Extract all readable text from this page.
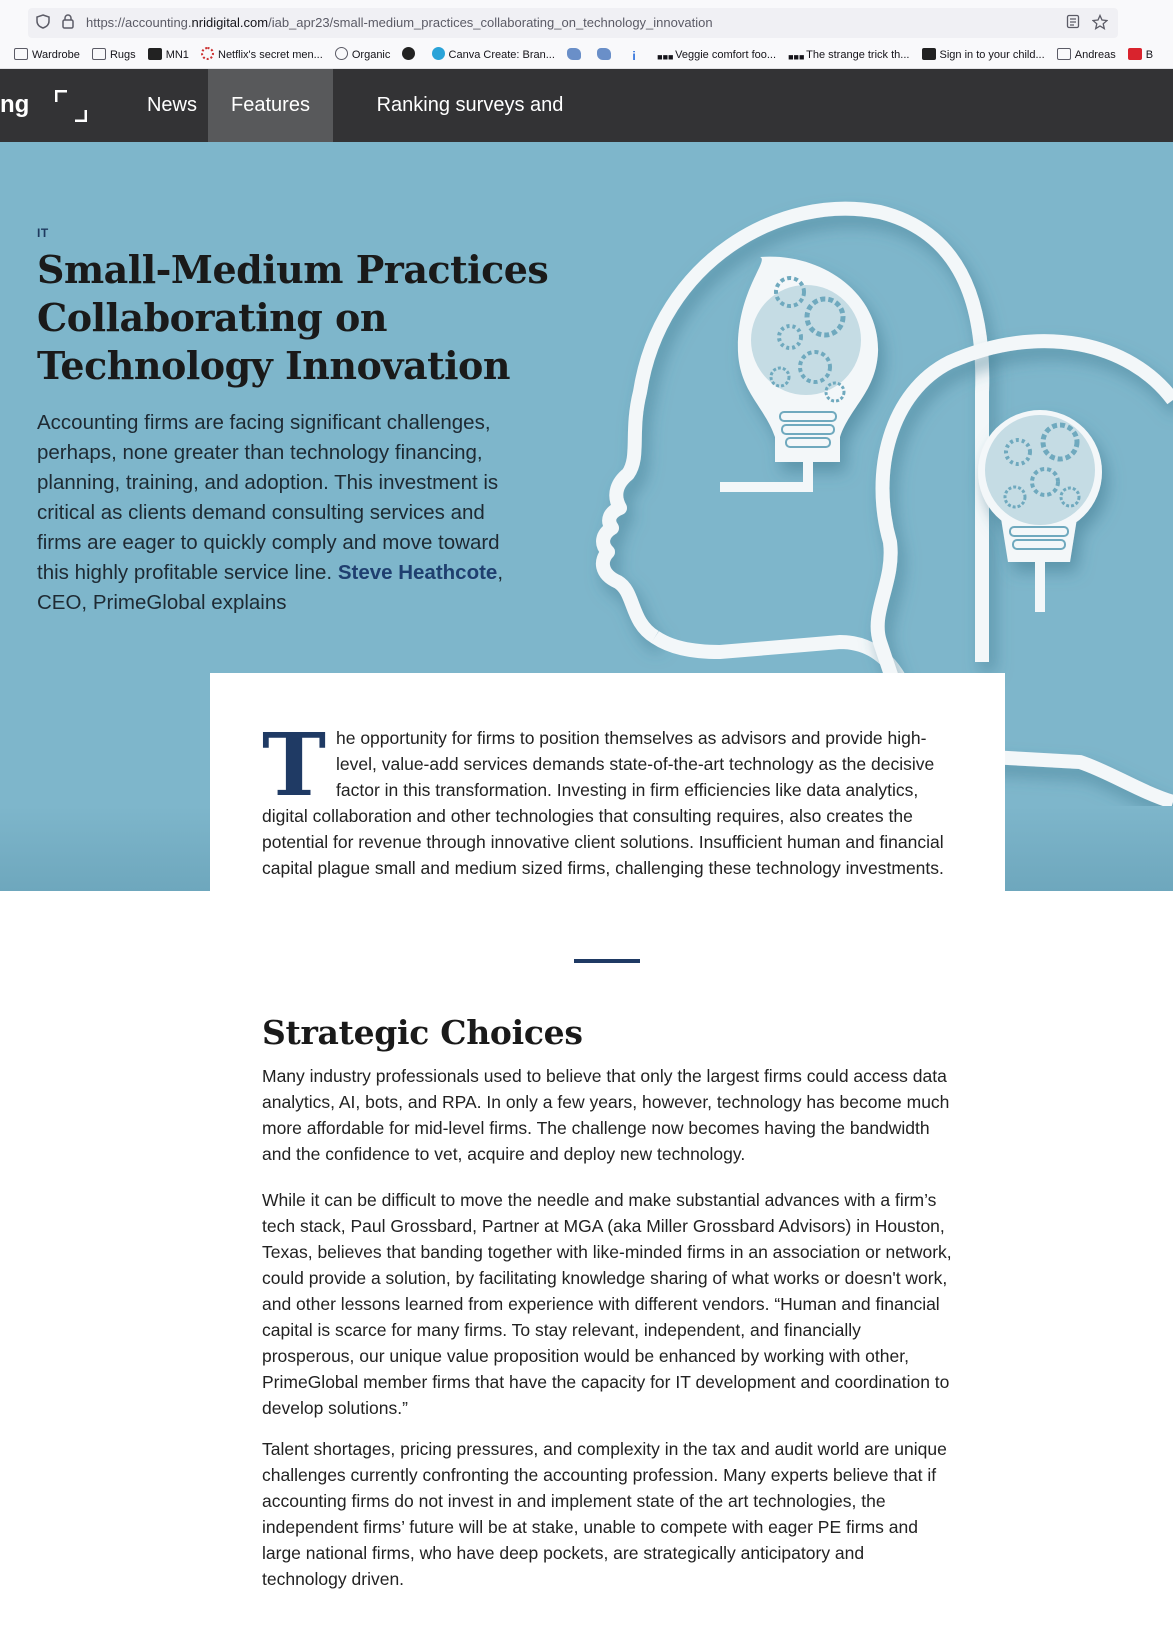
https://accounting.nridigital.com/iab_apr23/small-medium_practices_collaborating_on_technology_innovation
Wardrobe	Rugs	MN1	Netflix's secret men...	Organic	Canva Create: Bran...	i ■■■ Veggie comfort foo... ■■■ The strange trick th...	Sign in to your child...	Andreas	B
ng	News	Features	Ranking surveys and
IT
Small-Medium Practices Collaborating on Technology Innovation

Accounting firms are facing significant challenges, perhaps, none greater than technology financing, planning, training, and adoption. This investment is critical as clients demand consulting services and firms are eager to quickly comply and move toward this highly profitable service line. Steve Heathcote, CEO, PrimeGlobal explains

The opportunity for firms to position themselves as advisors and provide high-level, value-add services demands state-of-the-art technology as the decisive factor in this transformation. Investing in firm efficiencies like data analytics, digital collaboration and other technologies that consulting requires, also creates the potential for revenue through innovative client solutions. Insufficient human and financial capital plague small and medium sized firms, challenging these technology investments.

Strategic Choices

Many industry professionals used to believe that only the largest firms could access data analytics, AI, bots, and RPA. In only a few years, however, technology has become much more affordable for mid-level firms. The challenge now becomes having the bandwidth and the confidence to vet, acquire and deploy new technology.

While it can be difficult to move the needle and make substantial advances with a firm’s tech stack, Paul Grossbard, Partner at MGA (aka Miller Grossbard Advisors) in Houston, Texas, believes that banding together with like-minded firms in an association or network, could provide a solution, by facilitating knowledge sharing of what works or doesn't work, and other lessons learned from experience with different vendors. “Human and financial capital is scarce for many firms. To stay relevant, independent, and financially prosperous, our unique value proposition would be enhanced by working with other, PrimeGlobal member firms that have the capacity for IT development and coordination to develop solutions.”

Talent shortages, pricing pressures, and complexity in the tax and audit world are unique challenges currently confronting the accounting profession. Many experts believe that if accounting firms do not invest in and implement state of the art technologies, the independent firms’ future will be at stake, unable to compete with eager PE firms and large national firms, who have deep pockets, are strategically anticipatory and technology driven.
